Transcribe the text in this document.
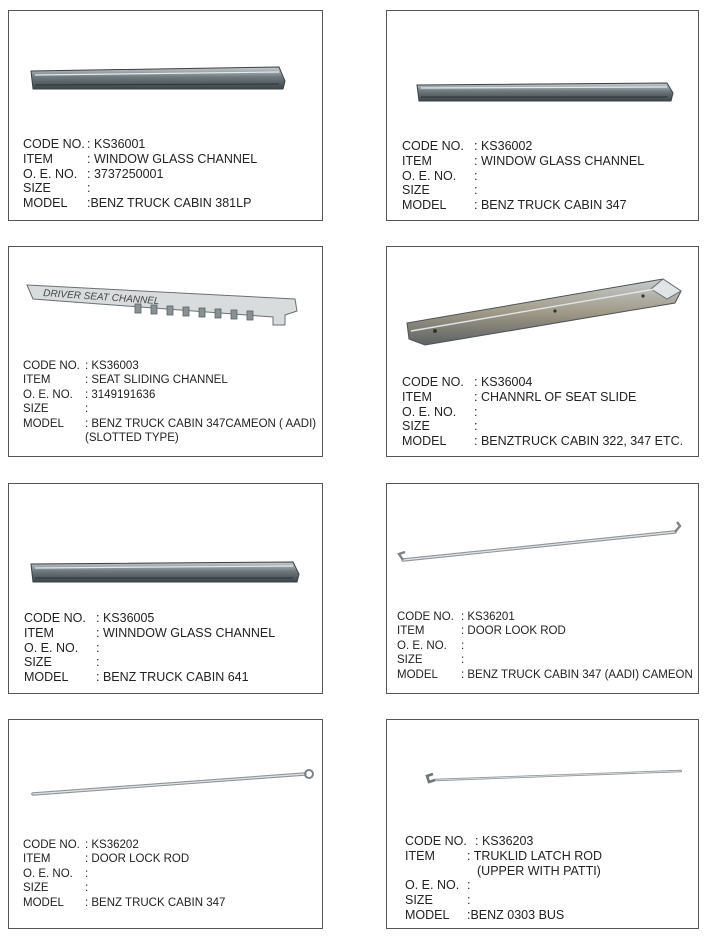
CODE NO. : KS36001
ITEM	: WINDOW GLASS CHANNEL
O. E. NO. : 3737250001
SIZE	:
MODEL	:BENZ TRUCK CABIN 381LP
CODE NO. : KS36002
ITEM	: WINDOW GLASS CHANNEL
O. E. NO.	:
SIZE	:
MODEL	: BENZ TRUCK CABIN 347
DRIVER SEAT CHANNEL
CODE NO. : KS36003
ITEM	: SEAT SLIDING CHANNEL
O. E. NO.	: 3149191636
SIZE	:
MODEL	: BENZ TRUCK CABIN 347CAMEON ( AADI)
(SLOTTED TYPE)
CODE NO. : KS36004
ITEM	: CHANNRL OF SEAT SLIDE
O. E. NO.	:
SIZE	:
MODEL	: BENZTRUCK CABIN 322, 347 ETC.
CODE NO. : KS36005
ITEM	: WINNDOW GLASS CHANNEL
O. E. NO.	:
SIZE	:
MODEL	: BENZ TRUCK CABIN 641
CODE NO. : KS36201
ITEM	: DOOR LOOK ROD
O. E. NO.	:
SIZE	:
MODEL	: BENZ TRUCK CABIN 347 (AADI) CAMEON
CODE NO. : KS36202
ITEM	: DOOR LOCK ROD
O. E. NO.	:
SIZE	:
MODEL	: BENZ TRUCK CABIN 347
CODE NO. : KS36203
ITEM	: TRUKLID LATCH ROD
(UPPER WITH PATTI)
O. E. NO. :
SIZE	:
MODEL	:BENZ 0303 BUS
